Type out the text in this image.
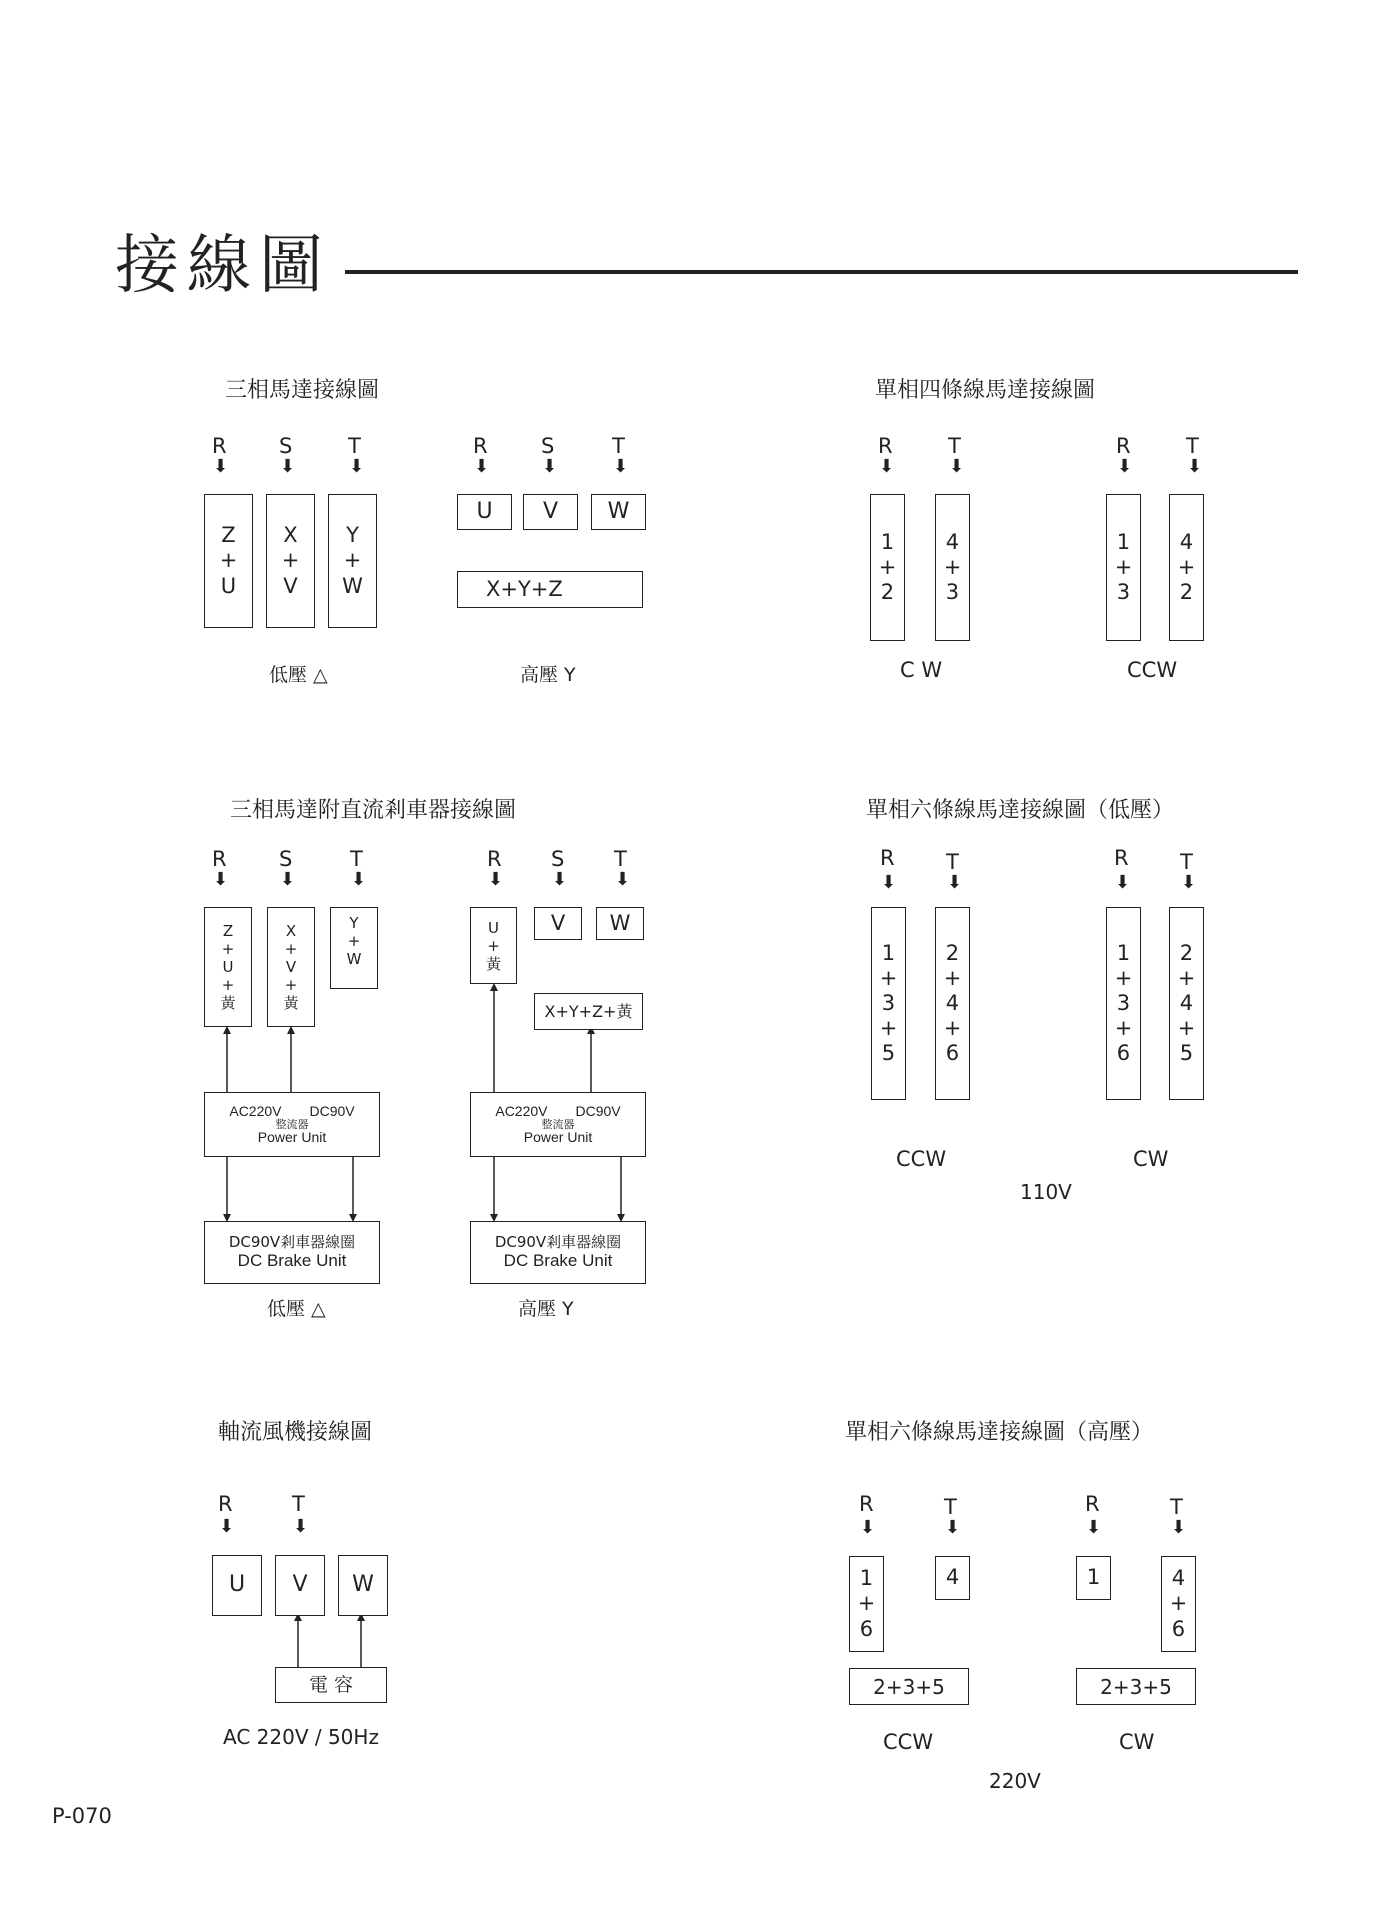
接線圖
三相馬達接線圖
R S	T
⬇	⬇	⬇
Z
+
U
X
+
V
Y
+
W
低壓 △
R	S	T
⬇	⬇	⬇
U	V	W
X+Y+Z
高壓 Y
單相四條線馬達接線圖
R	T
⬇	⬇
1
+
2
4
+
3
C W
R	T
⬇	⬇
1
+
3
4
+
2
CCW
三相馬達附直流剎車器接線圖
R S	T
⬇	⬇	⬇
Z
+
U
+
黃
X
+
V
+
黃
Y
+
W
AC220V　　DC90V
整流器
Power Unit
DC90V剎車器線圈
DC Brake Unit
低壓 △
R S T
⬇	⬇	⬇
U
+
黃
V	W
X+Y+Z+黃
AC220V　　DC90V
整流器
Power Unit
DC90V剎車器線圈
DC Brake Unit
高壓 Y
單相六條線馬達接線圖（低壓）
R T
⬇	⬇
1
+
3
+
5
2
+
4
+
6
CCW
R T
⬇	⬇
1
+
3
+
6
2
+
4
+
5
CW
110V
軸流風機接線圖
R	T
⬇	⬇
U	V	W
電 容
AC 220V / 50Hz
單相六條線馬達接線圖（高壓）
R	T
⬇	⬇
1
+
6
4
2+3+5
CCW
R	T
⬇	⬇
1	4
+
6
2+3+5
CW
220V
P-070
